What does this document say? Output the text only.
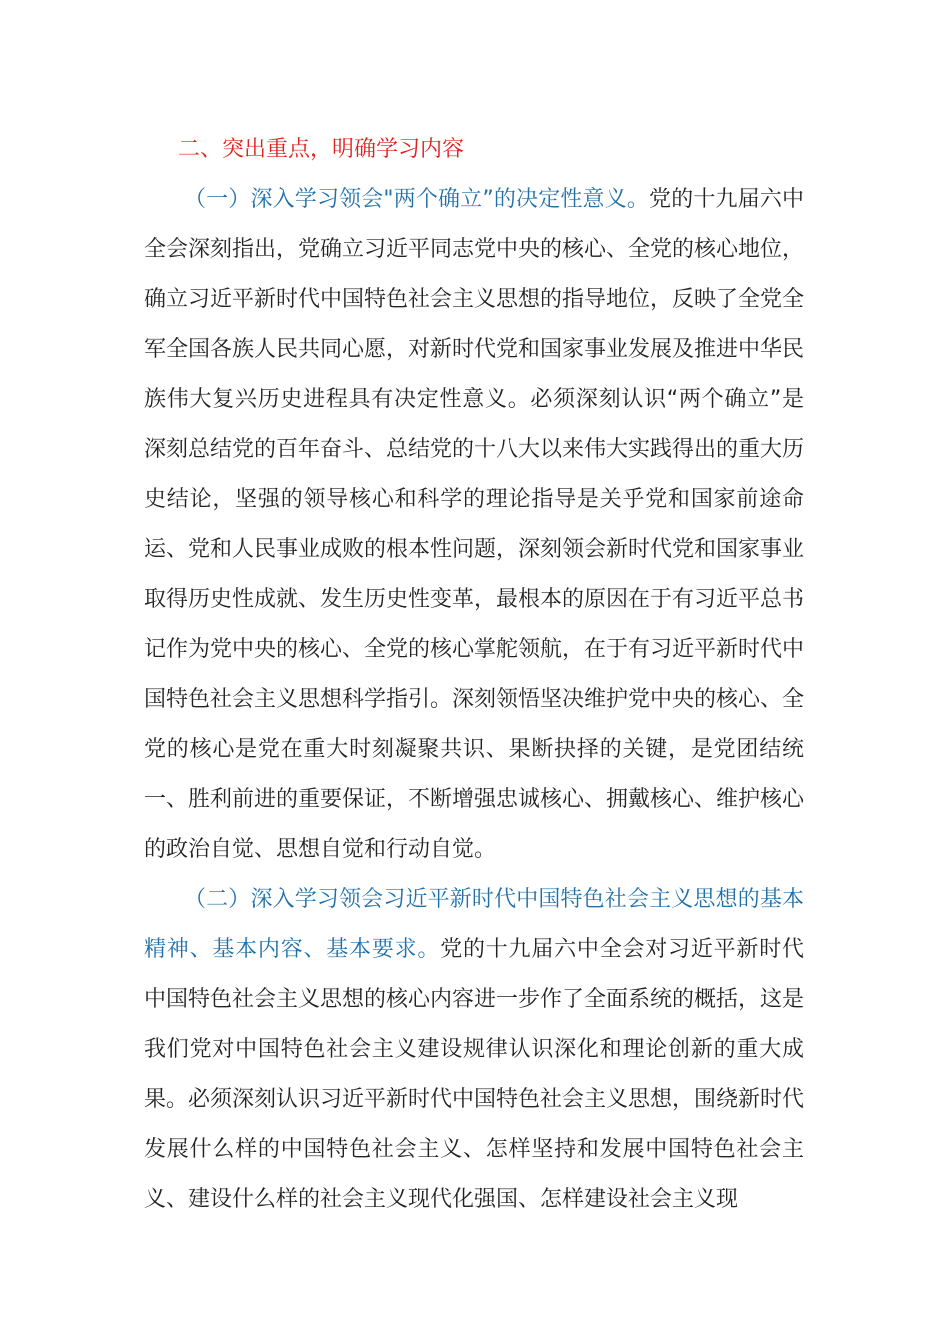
二、突出重点，明确学习内容

（一）深入学习领会"两个确立”的决定性意义。党的十九届六中全会深刻指出，党确立习近平同志党中央的核心、全党的核心地位，确立习近平新时代中国特色社会主义思想的指导地位，反映了全党全军全国各族人民共同心愿，对新时代党和国家事业发展及推进中华民族伟大复兴历史进程具有决定性意义。必须深刻认识“两个确立”是深刻总结党的百年奋斗、总结党的十八大以来伟大实践得出的重大历史结论，坚强的领导核心和科学的理论指导是关乎党和国家前途命运、党和人民事业成败的根本性问题，深刻领会新时代党和国家事业取得历史性成就、发生历史性变革，最根本的原因在于有习近平总书记作为党中央的核心、全党的核心掌舵领航，在于有习近平新时代中国特色社会主义思想科学指引。深刻领悟坚决维护党中央的核心、全党的核心是党在重大时刻凝聚共识、果断抉择的关键，是党团结统一、胜利前进的重要保证，不断增强忠诚核心、拥戴核心、维护核心的政治自觉、思想自觉和行动自觉。

（二）深入学习领会习近平新时代中国特色社会主义思想的基本精神、基本内容、基本要求。党的十九届六中全会对习近平新时代中国特色社会主义思想的核心内容进一步作了全面系统的概括，这是我们党对中国特色社会主义建设规律认识深化和理论创新的重大成果。必须深刻认识习近平新时代中国特色社会主义思想，围绕新时代发展什么样的中国特色社会主义、怎样坚持和发展中国特色社会主义、建设什么样的社会主义现代化强国、怎样建设社会主义现
